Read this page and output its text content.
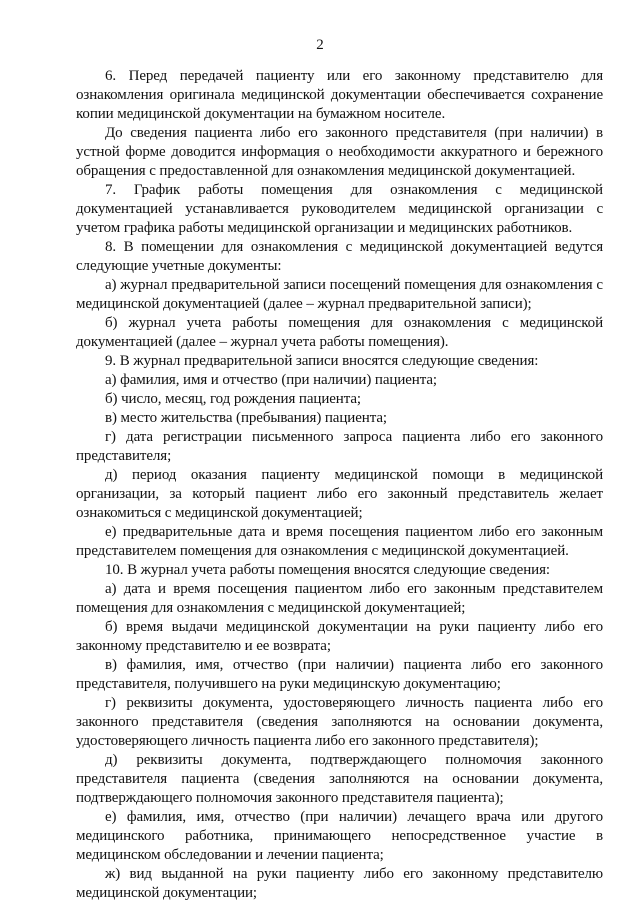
2

6. Перед передачей пациенту или его законному представителю для ознакомления оригинала медицинской документации обеспечивается сохранение копии медицинской документации на бумажном носителе.

До сведения пациента либо его законного представителя (при наличии) в устной форме доводится информация о необходимости аккуратного и бережного обращения с предоставленной для ознакомления медицинской документацией.

7. График работы помещения для ознакомления с медицинской документацией устанавливается руководителем медицинской организации с учетом графика работы медицинской организации и медицинских работников.

8. В помещении для ознакомления с медицинской документацией ведутся следующие учетные документы:

а) журнал предварительной записи посещений помещения для ознакомления с медицинской документацией (далее – журнал предварительной записи);

б) журнал учета работы помещения для ознакомления с медицинской документацией (далее – журнал учета работы помещения).

9. В журнал предварительной записи вносятся следующие сведения:

а) фамилия, имя и отчество (при наличии) пациента;

б) число, месяц, год рождения пациента;

в) место жительства (пребывания) пациента;

г) дата регистрации письменного запроса пациента либо его законного представителя;

д) период оказания пациенту медицинской помощи в медицинской организации, за который пациент либо его законный представитель желает ознакомиться с медицинской документацией;

е) предварительные дата и время посещения пациентом либо его законным представителем помещения для ознакомления с медицинской документацией.

10. В журнал учета работы помещения вносятся следующие сведения:

а) дата и время посещения пациентом либо его законным представителем помещения для ознакомления с медицинской документацией;

б) время выдачи медицинской документации на руки пациенту либо его законному представителю и ее возврата;

в) фамилия, имя, отчество (при наличии) пациента либо его законного представителя, получившего на руки медицинскую документацию;

г) реквизиты документа, удостоверяющего личность пациента либо его законного представителя (сведения заполняются на основании документа, удостоверяющего личность пациента либо его законного представителя);

д) реквизиты документа, подтверждающего полномочия законного представителя пациента (сведения заполняются на основании документа, подтверждающего полномочия законного представителя пациента);

е) фамилия, имя, отчество (при наличии) лечащего врача или другого медицинского работника, принимающего непосредственное участие в медицинском обследовании и лечении пациента;

ж) вид выданной на руки пациенту либо его законному представителю медицинской документации;
